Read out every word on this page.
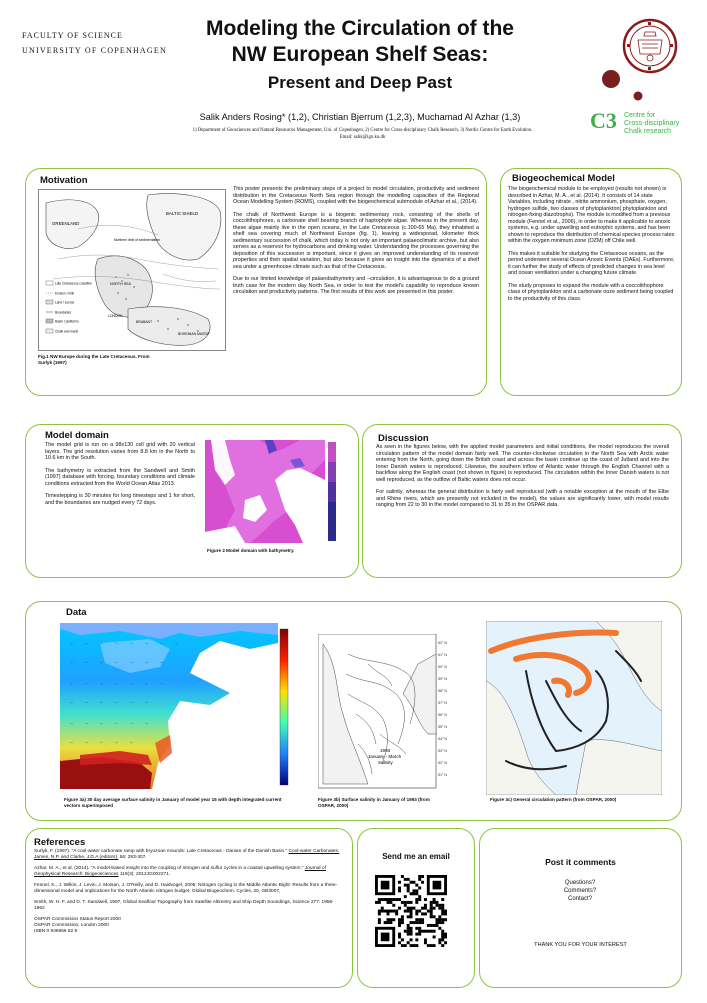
FACULTY OF SCIENCE
UNIVERSITY OF COPENHAGEN
Modeling the Circulation of the
NW European Shelf Seas:
Present and Deep Past
Salik Anders Rosing* (1,2), Christian Bjerrum (1,2,3), Muchamad Al Azhar (1,3)
1) Department of Geosciences and Natural Resources Management, Uni. of Copenhagen, 2) Centre for Cross-disciplinary Chalk Research, 3) Nordic Centre for Earth Evolution.
Email: salik@ign.ku.dk
C3 Centre for
Cross-disciplinary
Chalk research
Motivation
GREENLAND
BALTIC SHIELD
Northern limit of sedimentation
NORTH SEA
LONDON
BRABANT
BOHEMIAN MASSIF
Late Cretaceous coastline
Erosion / limit
Land / source
Boundaries
Basin / platforms
Chalk and marls
Fig.1 NW Europe during the Late Cretaceous. From Surlyk (1997)

This poster presents the preliminary steps of a project to model circulation, productivity and sediment distribution in the Cretaceous North Sea region through the modelling capacities of the Regional Ocean Modelling System (ROMS), coupled with the biogeochemical submodule of Azhar et al., (2014).

The chalk of Northwest Europe is a biogenic sedimentary rock, consisting of the shells of coccolithophores, a carbonate shell bearing branch of haptophyte algae. Whereas in the present day, these algae mainly live in the open oceans, in the Late Cretaceous (c.100-65 Ma), they inhabited a shelf sea covering much of Northwest Europe (fig. 1), leaving a widespread, kilometer thick sedimentary succession of chalk, which today is not only an important palaeoclimatic archive, but also serves as a reservoir for hydrocarbons and drinking water. Understanding the processes governing the deposition of this succession is important, since it gives an improved understanding of its reservoir properties and their spatial variation, but also because it gives an insight into the dynamics of a shelf sea under a greenhouse climate such as that of the Cretaceous.

Due to our limited knowledge of palaeobathymetry and –circulation, it is advantageous to do a ground truth case for the modern day North Sea, in order to test the model's capability to reproduce known circulation and productivity patterns. The first results of this work are presented in this poster.

Biogeochemical Model

The biogeochemical module to be employed (results not shown) is described in Azhar, M. A., et al. (2014). It consists of 14 state Variables, including nitrate , nitrite ammonium, phosphate, oxygen, hydrogen sulfide, two classes of phytoplankton( phytoplankton and nitrogen-fixing diazotrophs). The module is modified from a previous module (Fennel et al., 2006), in order to make it applicable to anoxic systems, e.g. under upwelling and eutrophic systems, and has been shown to reproduce the distribution of chemical species process rates within the oxygen minimum zone (OZM) off Chile well.

This makes it suitable for studying the Cretaceous oceans, as the period underwent several Ocean Anoxic Events (OAEs). Furthermore, it can further the study of effects of predicted changes in sea level and ocean ventilation under a changing future climate.

The study proposes to expand the module with a coccolithophore class of phytoplankton and a carbonate ooze sediment being coupled to the productivity of this class.

Model domain

The model grid is run on a 98x130 cell grid with 20 vertical layers. The grid resolution varies from 8.8 km in the North to 10.6 km in the South.

The bathymetry is extracted from the Sandwell and Smith (1997) database with forcing, boundary conditions and climate conditions extracted from the World Ocean Atlas 2013.

Timestepping is 30 minutes for long timesteps and 1 for short, and the boundaries are nudged every 72 days.

Figure 2 Model domain with bathymetry.
Discussion

As seen in the figures below, with the applied model parameters and initial conditions, the model reproduces the overall circulation pattern of the model domain fairly well. The counter-clockwise circulation in the North Sea with Arctic water entering from the North, going down the British coast and across the basin continue up the coast of Jutland and into the Inner Danish waters is reproduced. Likewise, the southern inflow of Atlantic water through the English Channel with a backflow along the English coast (not shown in figure) is reproduced. The circulation within the Inner Danish waters is not well reproduced, as the outflow of Baltic waters does not occur.

For salinity, whereas the general distribution is fairly well reproduced (with a notable exception at the mouth of the Elbe and Rhine rivers, which are presently not included in the model), the values are significantly lower, with model results ranging from 22 to 30 in the model compared to 31 to 35 in the OSPAR data.

Data
Figure 3a) 30 day average surface salinity in January of model year 15 with depth integrated current vectors superimposed
1993
January - March
Salinity
62° N
61° N
60° N
59° N
58° N
57° N
56° N
55° N
54° N
53° N
52° N
51° N
Figure 3b) Surface salinity in January of 1993 (from OSPAR, 2000)
Figure 3c) General circulation pattern (from OSPAR, 2000)
References
Surlyk, F. (1997). "A cool-water carbonate ramp with bryozoan mounds: Late Cretaceous - Danian of the Danish Basin." Cool-water Carbonates. James, N.P. and Clarke, J.D.A (editors). 56: 293-307.
Azhar, M. A., et al. (2014). "A model-based insight into the coupling of nitrogen and sulfur cycles in a coastal upwelling system." Journal of Geophysical Research: Biogeosciences 119(3): 2012JG002271.
Fennel, K., J. Wilkin, J. Levin, J. Moisan, J. O'Reilly, and D. Haidvogel, 2006: Nitrogen cycling in the Middle Atlantic Bight: Results from a three-dimensional model and implications for the North Atlantic nitrogen budget, Global Biogeochem. Cycles, 20, GB3007,
Smith, W. H. F. and D. T. Sandwell, 1997, Global Seafloor Topography from Satellite Altimetry and Ship Depth Soundings, Science 277: 1956-1962
OSPAR Commission Status Report 2000
OSPAR Commission, London 2000
ISBN 0 946956 52 9
Send me an email
Post it comments
Questions?
Comments?
Contact?
THANK YOU FOR YOUR INTEREST
